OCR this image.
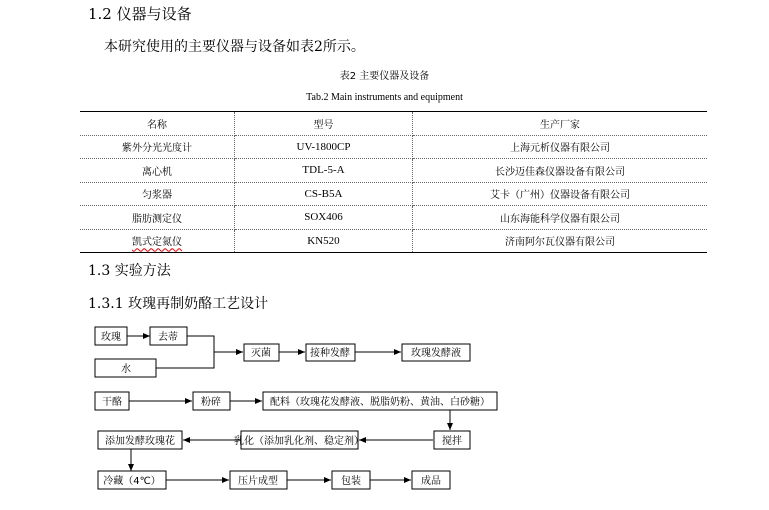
1.2 仪器与设备
本研究使用的主要仪器与设备如表2所示。
表2 主要仪器及设备
Tab.2 Main instruments and equipment
名称	型号	生产厂家
紫外分光光度计	UV-1800CP	上海元析仪器有限公司
离心机	TDL-5-A	长沙迈佳森仪器设备有限公司
匀浆器	CS-B5A	艾卡（广州）仪器设备有限公司
脂肪测定仪	SOX406	山东海能科学仪器有限公司
凯式定氮仪	KN520	济南阿尔瓦仪器有限公司
1.3 实验方法
1.3.1 玫瑰再制奶酪工艺设计
玫瑰	去蒂
水
灭菌	接种发酵	玫瑰发酵液
干酪	粉碎	配料（玫瑰花发酵液、脱脂奶粉、黄油、白砂糖）
搅拌
乳化（添加乳化剂、稳定剂）
添加发酵玫瑰花
冷藏（4℃）	压片成型	包装	成品
